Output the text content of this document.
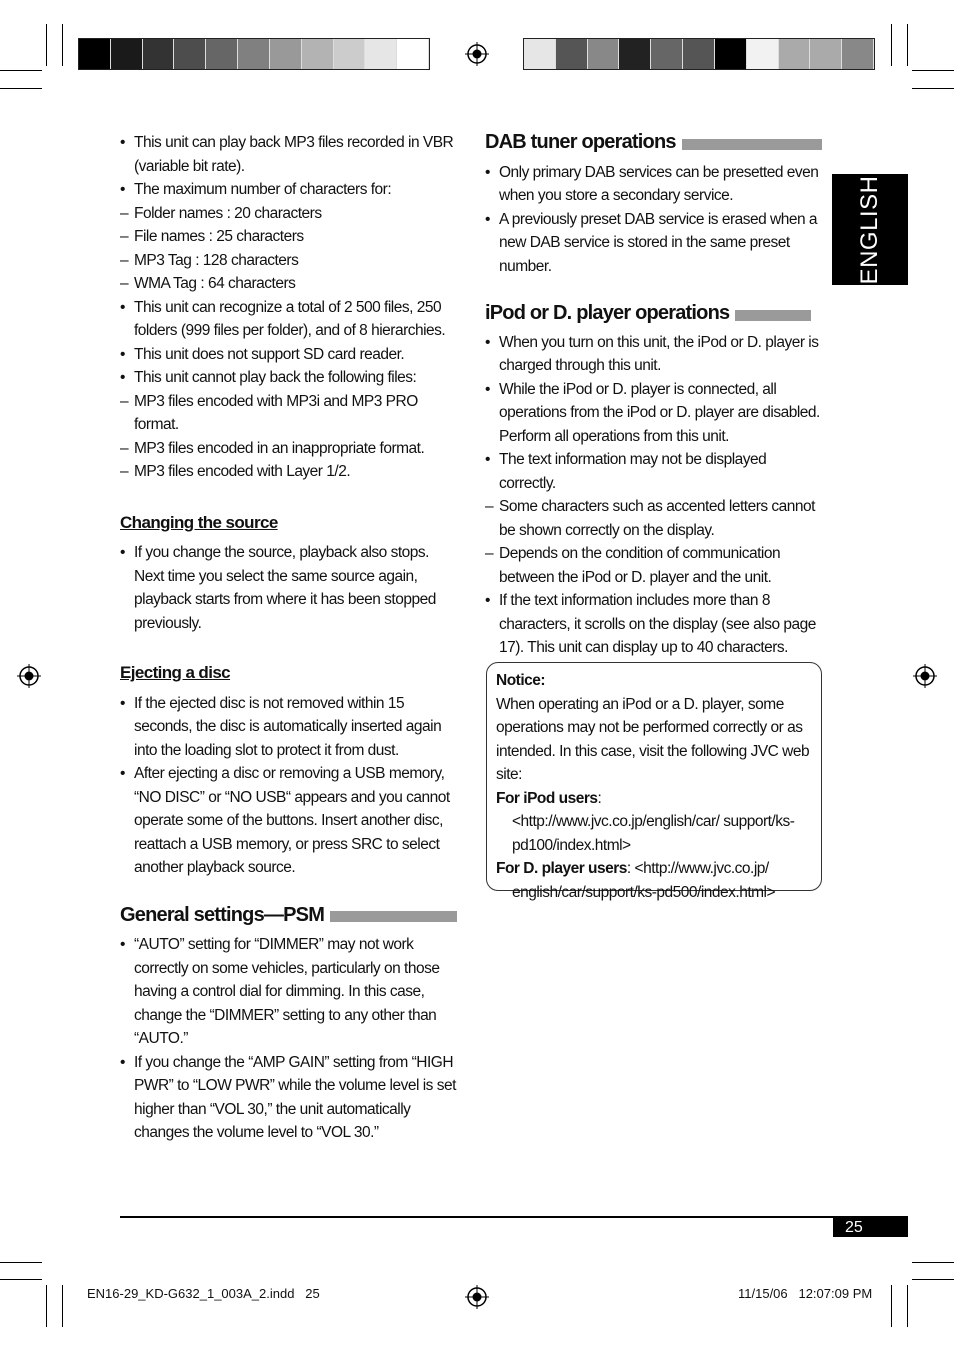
• This unit can play back MP3 files recorded in VBR (variable bit rate).
• The maximum number of characters for:
– Folder names : 20 characters
– File names : 25 characters
– MP3 Tag : 128 characters
– WMA Tag : 64 characters
• This unit can recognize a total of 2 500 files, 250 folders (999 files per folder), and of 8 hierarchies.
• This unit does not support SD card reader.
• This unit cannot play back the following files:
– MP3 files encoded with MP3i and MP3 PRO format.
– MP3 files encoded in an inappropriate format.
– MP3 files encoded with Layer 1/2.
Changing the source
• If you change the source, playback also stops. Next time you select the same source again, playback starts from where it has been stopped previously.
Ejecting a disc
• If the ejected disc is not removed within 15 seconds, the disc is automatically inserted again into the loading slot to protect it from dust.
• After ejecting a disc or removing a USB memory, “NO DISC” or “NO USB“ appears and you cannot operate some of the buttons. Insert another disc, reattach a USB memory, or press SRC to select another playback source.
General settings—PSM
• “AUTO” setting for “DIMMER” may not work correctly on some vehicles, particularly on those having a control dial for dimming. In this case, change the “DIMMER” setting to any other than “AUTO.”
• If you change the “AMP GAIN” setting from “HIGH PWR” to “LOW PWR” while the volume level is set higher than “VOL 30,” the unit automatically changes the volume level to “VOL 30.”
DAB tuner operations
• Only primary DAB services can be presetted even when you store a secondary service.
• A previously preset DAB service is erased when a new DAB service is stored in the same preset number.
iPod or D. player operations
• When you turn on this unit, the iPod or D. player is charged through this unit.
• While the iPod or D. player is connected, all operations from the iPod or D. player are disabled. Perform all operations from this unit.
• The text information may not be displayed correctly.
– Some characters such as accented letters cannot be shown correctly on the display.
– Depends on the condition of communication between the iPod or D. player and the unit.
• If the text information includes more than 8 characters, it scrolls on the display (see also page 17). This unit can display up to 40 characters.
Notice:
When operating an iPod or a D. player, some operations may not be performed correctly or as intended. In this case, visit the following JVC web site:
For iPod users: <http://www.jvc.co.jp/english/car/ support/ks-pd100/index.html>
For D. player users: <http://www.jvc.co.jp/ english/car/support/ks-pd500/index.html>
ENGLISH
25
EN16-29_KD-G632_1_003A_2.indd   25	11/15/06   12:07:09 PM
